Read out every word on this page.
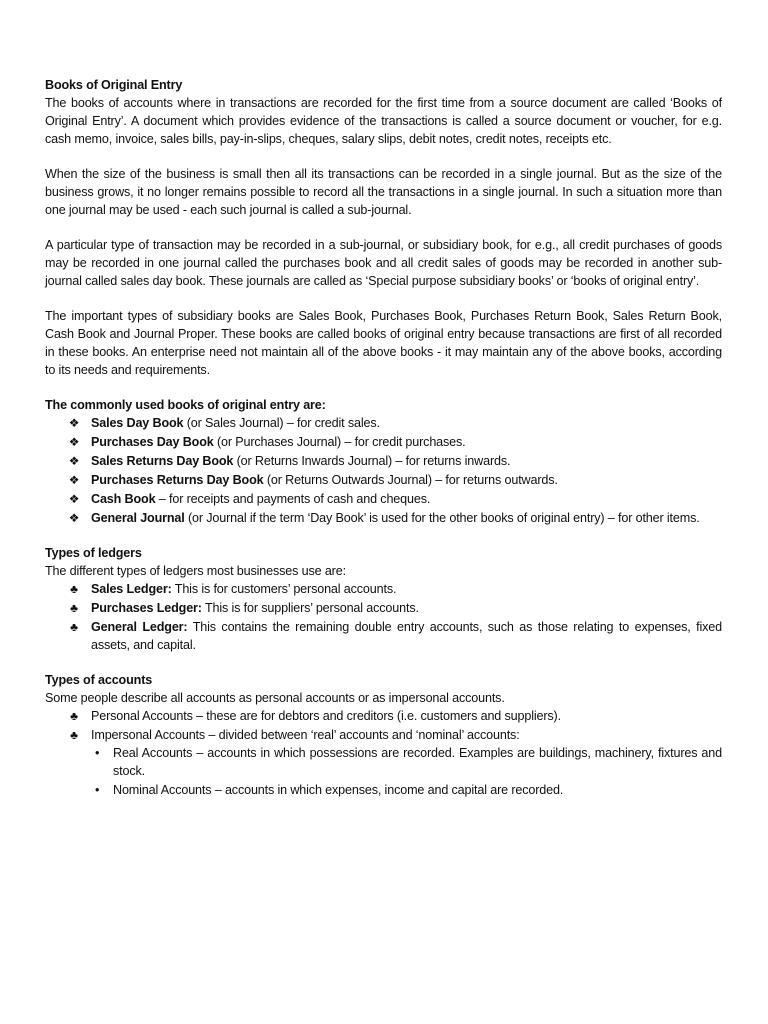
Books of Original Entry
The books of accounts where in transactions are recorded for the first time from a source document are called ‘Books of Original Entry’. A document which provides evidence of the transactions is called a source document or voucher, for e.g. cash memo, invoice, sales bills, pay-in-slips, cheques, salary slips, debit notes, credit notes, receipts etc.

When the size of the business is small then all its transactions can be recorded in a single journal. But as the size of the business grows, it no longer remains possible to record all the transactions in a single journal. In such a situation more than one journal may be used - each such journal is called a sub-journal.

A particular type of transaction may be recorded in a sub-journal, or subsidiary book, for e.g., all credit purchases of goods may be recorded in one journal called the purchases book and all credit sales of goods may be recorded in another sub-journal called sales day book. These journals are called as ‘Special purpose subsidiary books’ or ‘books of original entry’.

The important types of subsidiary books are Sales Book, Purchases Book, Purchases Return Book, Sales Return Book, Cash Book and Journal Proper. These books are called books of original entry because transactions are first of all recorded in these books. An enterprise need not maintain all of the above books - it may maintain any of the above books, according to its needs and requirements.

The commonly used books of original entry are:
❖ Sales Day Book (or Sales Journal) – for credit sales.
❖ Purchases Day Book (or Purchases Journal) – for credit purchases.
❖ Sales Returns Day Book (or Returns Inwards Journal) – for returns inwards.
❖ Purchases Returns Day Book (or Returns Outwards Journal) – for returns outwards.
❖ Cash Book – for receipts and payments of cash and cheques.
❖ General Journal (or Journal if the term ‘Day Book’ is used for the other books of original entry) – for other items.
Types of ledgers
The different types of ledgers most businesses use are:
♣ Sales Ledger: This is for customers’ personal accounts.
♣ Purchases Ledger: This is for suppliers’ personal accounts.
♣ General Ledger: This contains the remaining double entry accounts, such as those relating to expenses, fixed assets, and capital.
Types of accounts
Some people describe all accounts as personal accounts or as impersonal accounts.
♣ Personal Accounts – these are for debtors and creditors (i.e. customers and suppliers).
♣ Impersonal Accounts – divided between ‘real’ accounts and ‘nominal’ accounts:
• Real Accounts – accounts in which possessions are recorded. Examples are buildings, machinery, fixtures and stock.
• Nominal Accounts – accounts in which expenses, income and capital are recorded.
